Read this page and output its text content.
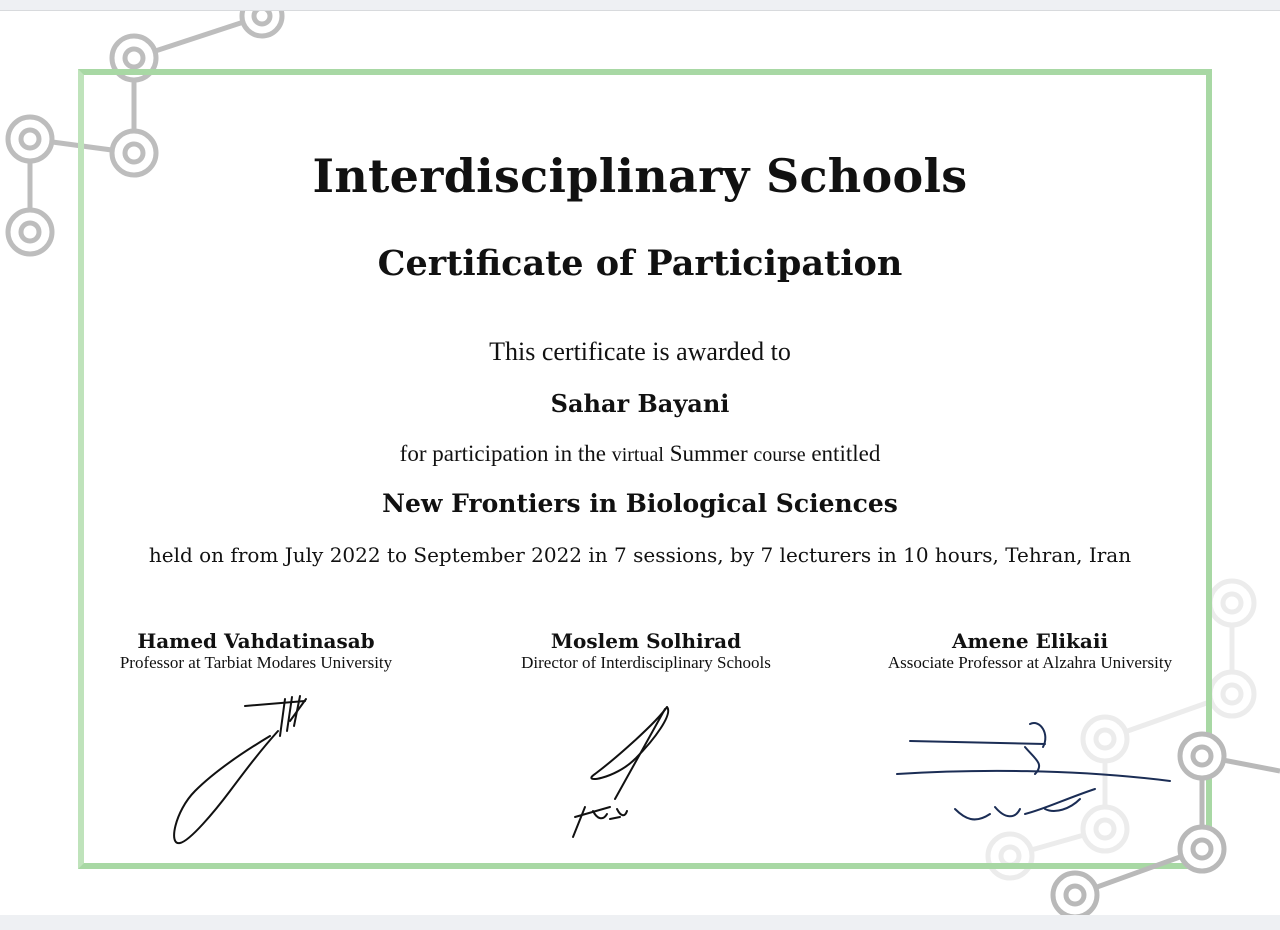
Interdisciplinary Schools
Certificate of Participation
This certificate is awarded to
Sahar Bayani
for participation in the virtual Summer course entitled
New Frontiers in Biological Sciences
held on from July 2022 to September 2022 in 7 sessions, by 7 lecturers in 10 hours, Tehran, Iran
Hamed Vahdatinasab
Professor at Tarbiat Modares University
Moslem Solhirad
Director of Interdisciplinary Schools
Amene Elikaii
Associate Professor at Alzahra University
